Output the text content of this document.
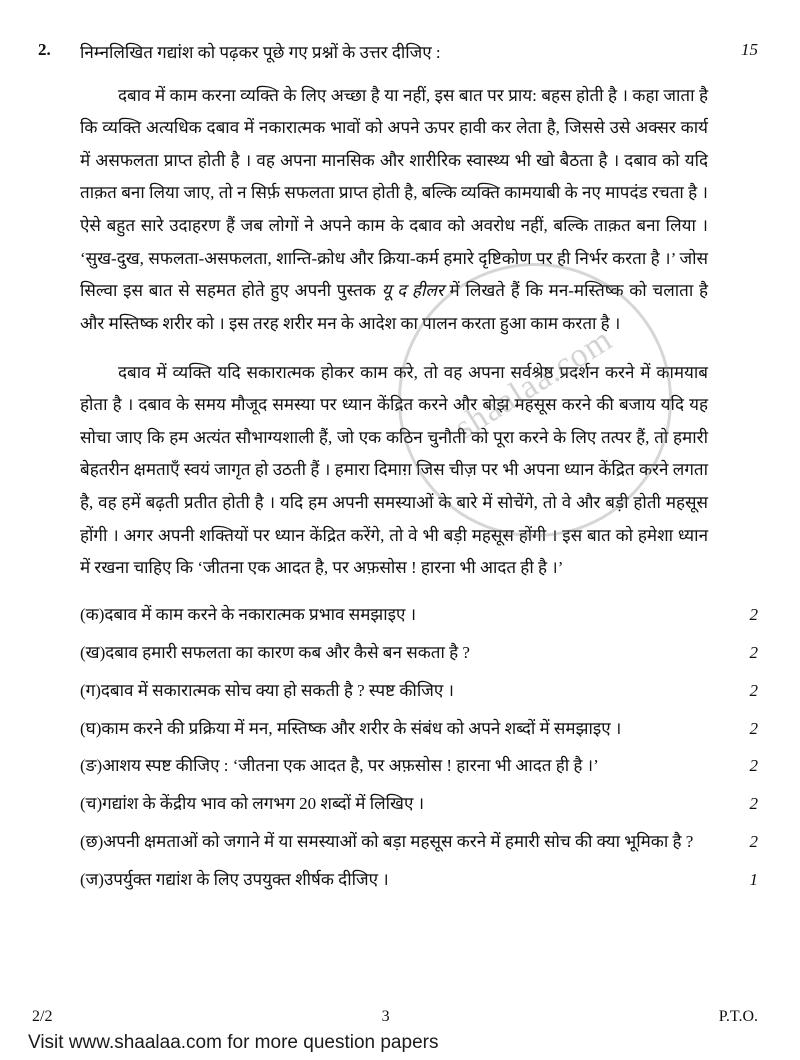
shaalaa.com
2.	निम्नलिखित गद्यांश को पढ़कर पूछे गए प्रश्नों के उत्तर दीजिए :	15

दबाव में काम करना व्यक्ति के लिए अच्छा है या नहीं, इस बात पर प्राय: बहस होती है । कहा जाता है कि व्यक्ति अत्यधिक दबाव में नकारात्मक भावों को अपने ऊपर हावी कर लेता है, जिससे उसे अक्सर कार्य में असफलता प्राप्त होती है । वह अपना मानसिक और शारीरिक स्वास्थ्य भी खो बैठता है । दबाव को यदि ताक़त बना लिया जाए, तो न सिर्फ़ सफलता प्राप्त होती है, बल्कि व्यक्ति कामयाबी के नए मापदंड रचता है । ऐसे बहुत सारे उदाहरण हैं जब लोगों ने अपने काम के दबाव को अवरोध नहीं, बल्कि ताक़त बना लिया । ‘सुख-दुख, सफलता-असफलता, शान्ति-क्रोध और क्रिया-कर्म हमारे दृष्टिकोण पर ही निर्भर करता है ।’ जोस सिल्वा इस बात से सहमत होते हुए अपनी पुस्तक यू द हीलर में लिखते हैं कि मन-मस्तिष्क को चलाता है और मस्तिष्क शरीर को । इस तरह शरीर मन के आदेश का पालन करता हुआ काम करता है ।

दबाव में व्यक्ति यदि सकारात्मक होकर काम करे, तो वह अपना सर्वश्रेष्ठ प्रदर्शन करने में कामयाब होता है । दबाव के समय मौजूद समस्या पर ध्यान केंद्रित करने और बोझ महसूस करने की बजाय यदि यह सोचा जाए कि हम अत्यंत सौभाग्यशाली हैं, जो एक कठिन चुनौती को पूरा करने के लिए तत्पर हैं, तो हमारी बेहतरीन क्षमताएँ स्वयं जागृत हो उठती हैं । हमारा दिमाग़ जिस चीज़ पर भी अपना ध्यान केंद्रित करने लगता है, वह हमें बढ़ती प्रतीत होती है । यदि हम अपनी समस्याओं के बारे में सोचेंगे, तो वे और बड़ी होती महसूस होंगी । अगर अपनी शक्तियों पर ध्यान केंद्रित करेंगे, तो वे भी बड़ी महसूस होंगी । इस बात को हमेशा ध्यान में रखना चाहिए कि ‘जीतना एक आदत है, पर अफ़सोस ! हारना भी आदत ही है ।’

(क) दबाव में काम करने के नकारात्मक प्रभाव समझाइए ।	2
(ख) दबाव हमारी सफलता का कारण कब और कैसे बन सकता है ?	2
(ग) दबाव में सकारात्मक सोच क्या हो सकती है ? स्पष्ट कीजिए ।	2
(घ) काम करने की प्रक्रिया में मन, मस्तिष्क और शरीर के संबंध को अपने शब्दों में समझाइए ।	2
(ङ) आशय स्पष्ट कीजिए : ‘जीतना एक आदत है, पर अफ़सोस ! हारना भी आदत ही है ।’	2
(च) गद्यांश के केंद्रीय भाव को लगभग 20 शब्दों में लिखिए ।	2
(छ) अपनी क्षमताओं को जगाने में या समस्याओं को बड़ा महसूस करने में हमारी सोच की क्या भूमिका है ?	2
(ज) उपर्युक्त गद्यांश के लिए उपयुक्त शीर्षक दीजिए ।	1
2/2	3	P.T.O.
Visit www.shaalaa.com for more question papers
